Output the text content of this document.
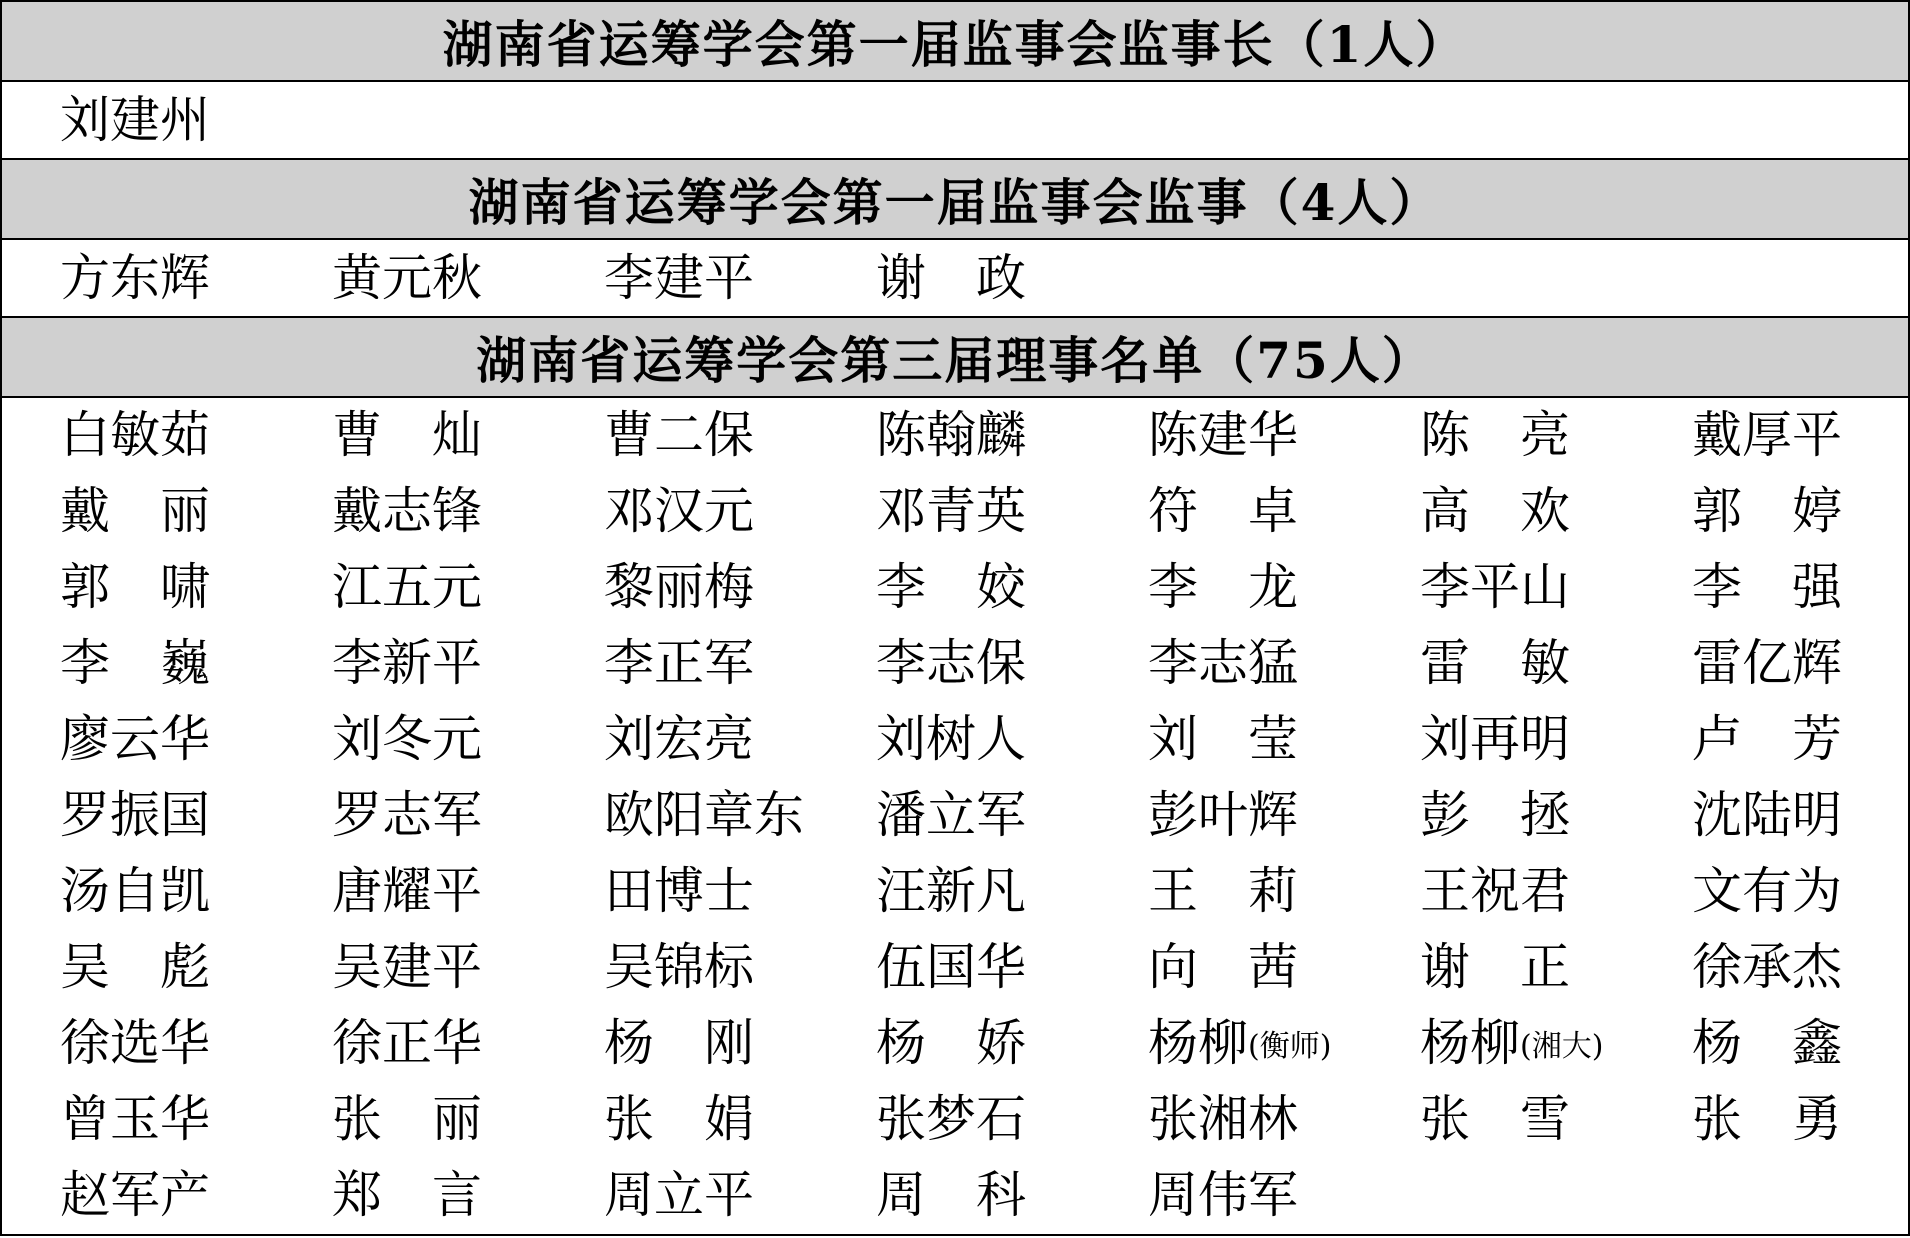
湖南省运筹学会第一届监事会监事长（1人）
刘建州
湖南省运筹学会第一届监事会监事（4人）
方东辉 黄元秋 李建平 谢　政
湖南省运筹学会第三届理事名单（75人）
白敏茹 曹　灿 曹二保 陈翰麟 陈建华 陈　亮 戴厚平
戴　丽 戴志锋 邓汉元 邓青英 符　卓 高　欢 郭　婷
郭　啸 江五元 黎丽梅 李　姣 李　龙 李平山 李　强
李　巍 李新平 李正军 李志保 李志猛 雷　敏 雷亿辉
廖云华 刘冬元 刘宏亮 刘树人 刘　莹 刘再明 卢　芳
罗振国 罗志军 欧阳章东 潘立军 彭叶辉 彭　拯 沈陆明
汤自凯 唐耀平 田博士 汪新凡 王　莉 王祝君 文有为
吴　彪 吴建平 吴锦标 伍国华 向　茜 谢　正 徐承杰
徐选华 徐正华 杨　刚 杨　娇 杨柳(衡师) 杨柳(湘大) 杨　鑫
曾玉华 张　丽 张　娟 张梦石 张湘林 张　雪 张　勇
赵军产 郑　言 周立平 周　科 周伟军
